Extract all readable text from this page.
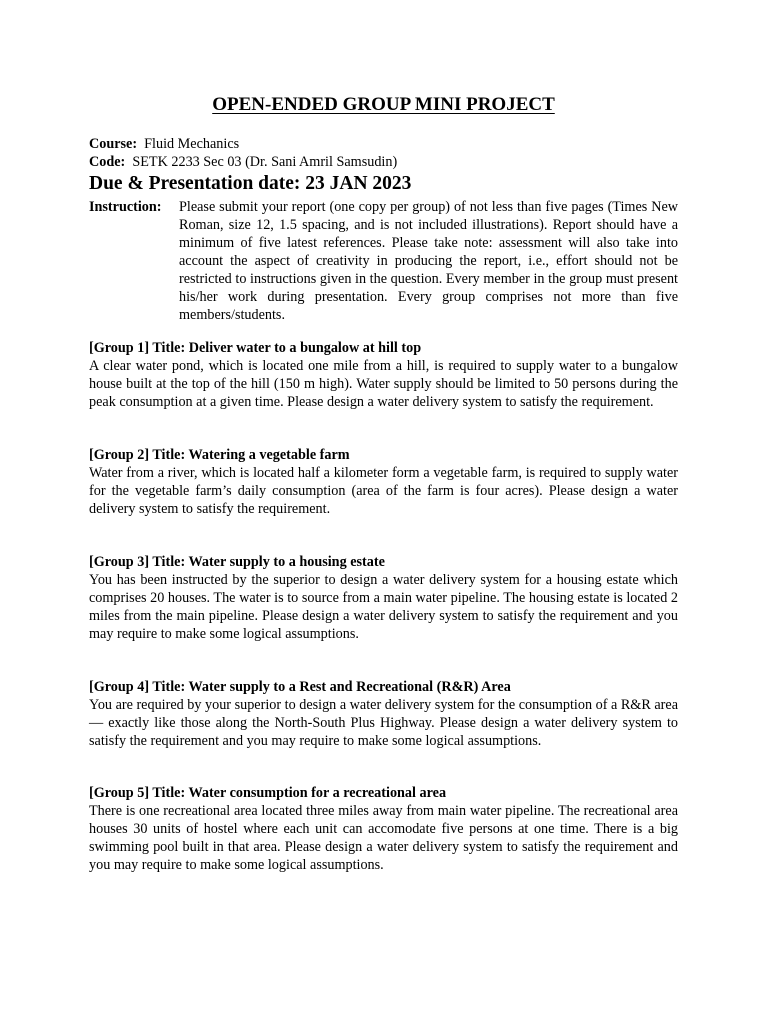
OPEN-ENDED GROUP MINI PROJECT
Course: Fluid Mechanics
Code: SETK 2233 Sec 03 (Dr. Sani Amril Samsudin)
Due & Presentation date: 23 JAN 2023
Instruction:	Please submit your report (one copy per group) of not less than five pages (Times New Roman, size 12, 1.5 spacing, and is not included illustrations). Report should have a minimum of five latest references. Please take note: assessment will also take into account the aspect of creativity in producing the report, i.e., effort should not be restricted to instructions given in the question. Every member in the group must present his/her work during presentation. Every group comprises not more than five members/students.
[Group 1] Title: Deliver water to a bungalow at hill top
A clear water pond, which is located one mile from a hill, is required to supply water to a bungalow house built at the top of the hill (150 m high). Water supply should be limited to 50 persons during the peak consumption at a given time. Please design a water delivery system to satisfy the requirement.
[Group 2] Title: Watering a vegetable farm
Water from a river, which is located half a kilometer form a vegetable farm, is required to supply water for the vegetable farm’s daily consumption (area of the farm is four acres). Please design a water delivery system to satisfy the requirement.
[Group 3] Title: Water supply to a housing estate
You has been instructed by the superior to design a water delivery system for a housing estate which comprises 20 houses. The water is to source from a main water pipeline. The housing estate is located 2 miles from the main pipeline. Please design a water delivery system to satisfy the requirement and you may require to make some logical assumptions.
[Group 4] Title: Water supply to a Rest and Recreational (R&R) Area
You are required by your superior to design a water delivery system for the consumption of a R&R area — exactly like those along the North-South Plus Highway. Please design a water delivery system to satisfy the requirement and you may require to make some logical assumptions.
[Group 5] Title: Water consumption for a recreational area
There is one recreational area located three miles away from main water pipeline. The recreational area houses 30 units of hostel where each unit can accomodate five persons at one time. There is a big swimming pool built in that area. Please design a water delivery system to satisfy the requirement and you may require to make some logical assumptions.
